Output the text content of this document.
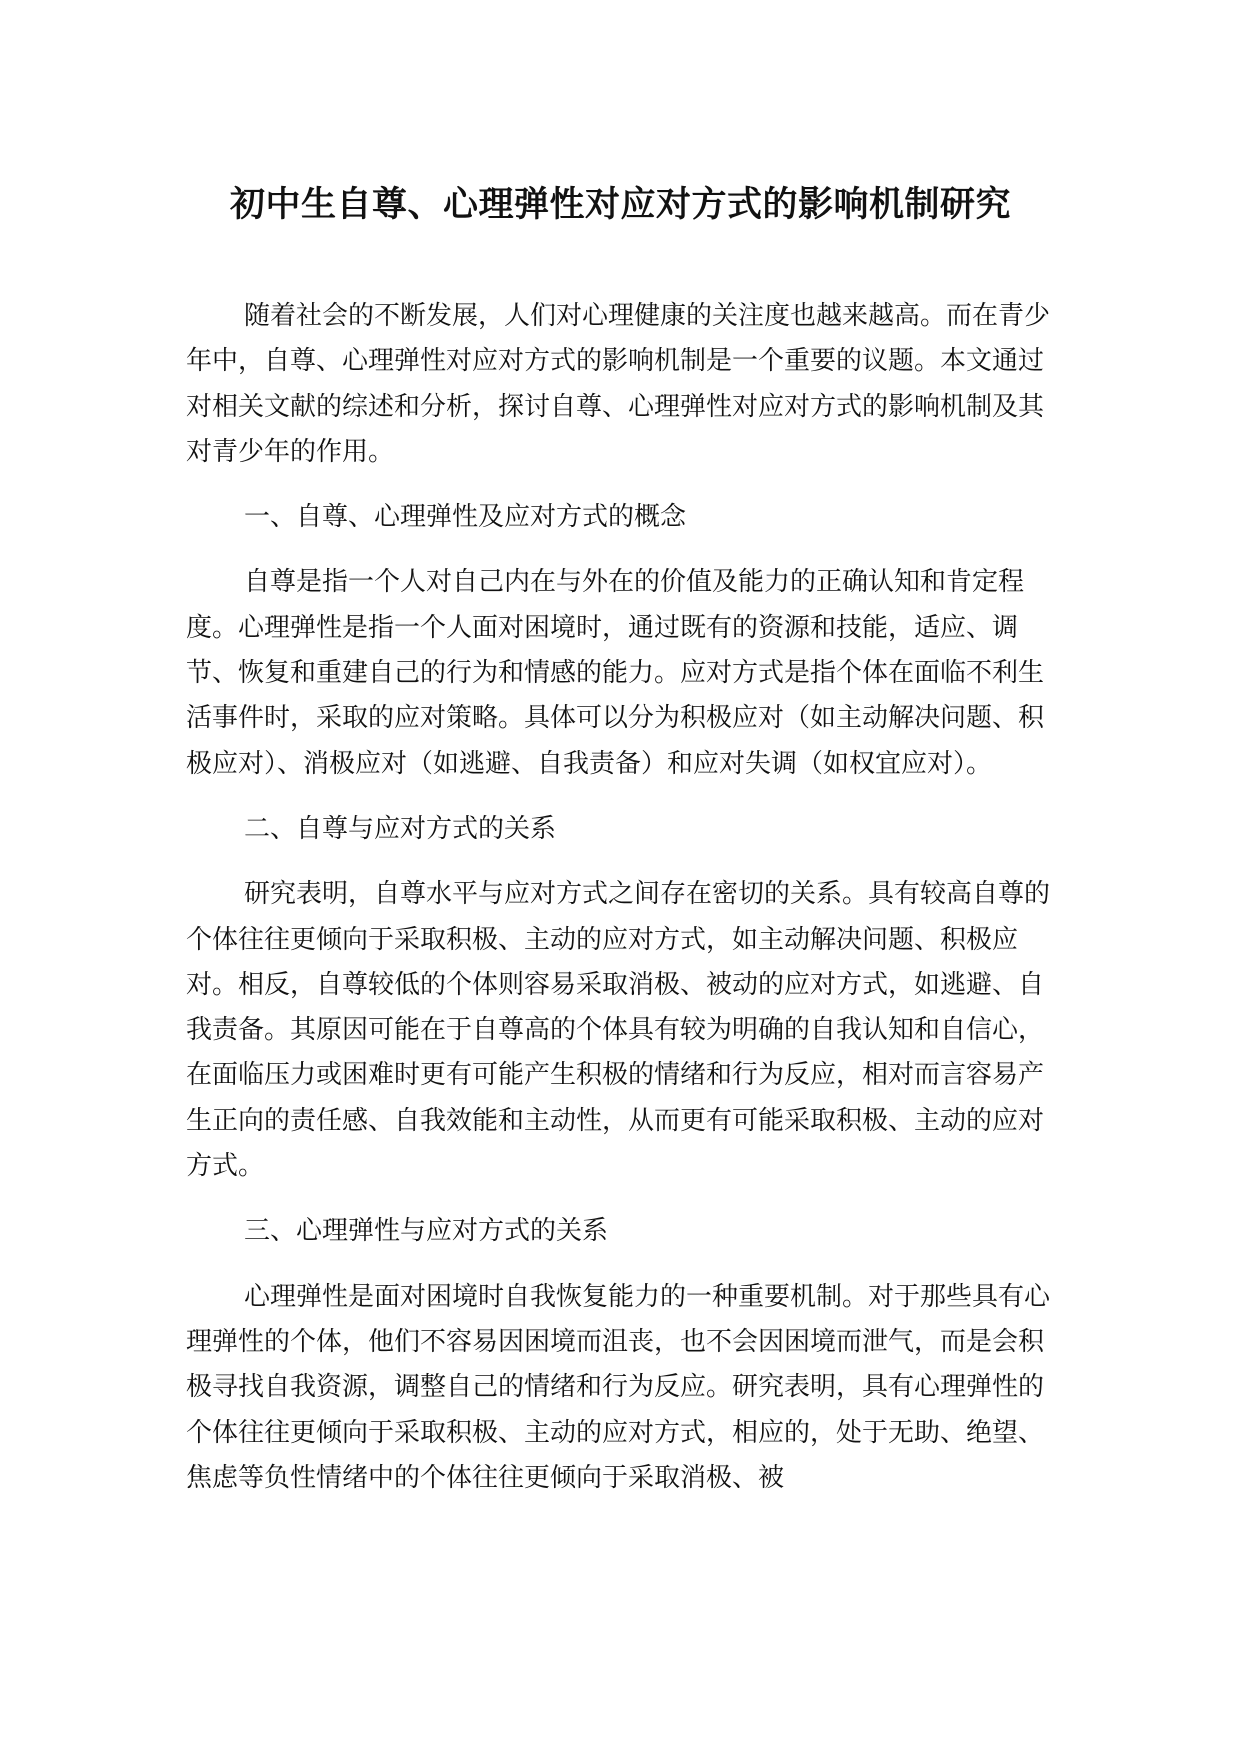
初中生自尊、心理弹性对应对方式的影响机制研究

随着社会的不断发展，人们对心理健康的关注度也越来越高。而在青少年中，自尊、心理弹性对应对方式的影响机制是一个重要的议题。本文通过对相关文献的综述和分析，探讨自尊、心理弹性对应对方式的影响机制及其对青少年的作用。

一、自尊、心理弹性及应对方式的概念

自尊是指一个人对自己内在与外在的价值及能力的正确认知和肯定程度。心理弹性是指一个人面对困境时，通过既有的资源和技能，适应、调节、恢复和重建自己的行为和情感的能力。应对方式是指个体在面临不利生活事件时，采取的应对策略。具体可以分为积极应对（如主动解决问题、积极应对）、消极应对（如逃避、自我责备）和应对失调（如权宜应对）。

二、自尊与应对方式的关系

研究表明，自尊水平与应对方式之间存在密切的关系。具有较高自尊的个体往往更倾向于采取积极、主动的应对方式，如主动解决问题、积极应对。相反，自尊较低的个体则容易采取消极、被动的应对方式，如逃避、自我责备。其原因可能在于自尊高的个体具有较为明确的自我认知和自信心，在面临压力或困难时更有可能产生积极的情绪和行为反应，相对而言容易产生正向的责任感、自我效能和主动性，从而更有可能采取积极、主动的应对方式。

三、心理弹性与应对方式的关系

心理弹性是面对困境时自我恢复能力的一种重要机制。对于那些具有心理弹性的个体，他们不容易因困境而沮丧，也不会因困境而泄气，而是会积极寻找自我资源，调整自己的情绪和行为反应。研究表明，具有心理弹性的个体往往更倾向于采取积极、主动的应对方式，相应的，处于无助、绝望、焦虑等负性情绪中的个体往往更倾向于采取消极、被
